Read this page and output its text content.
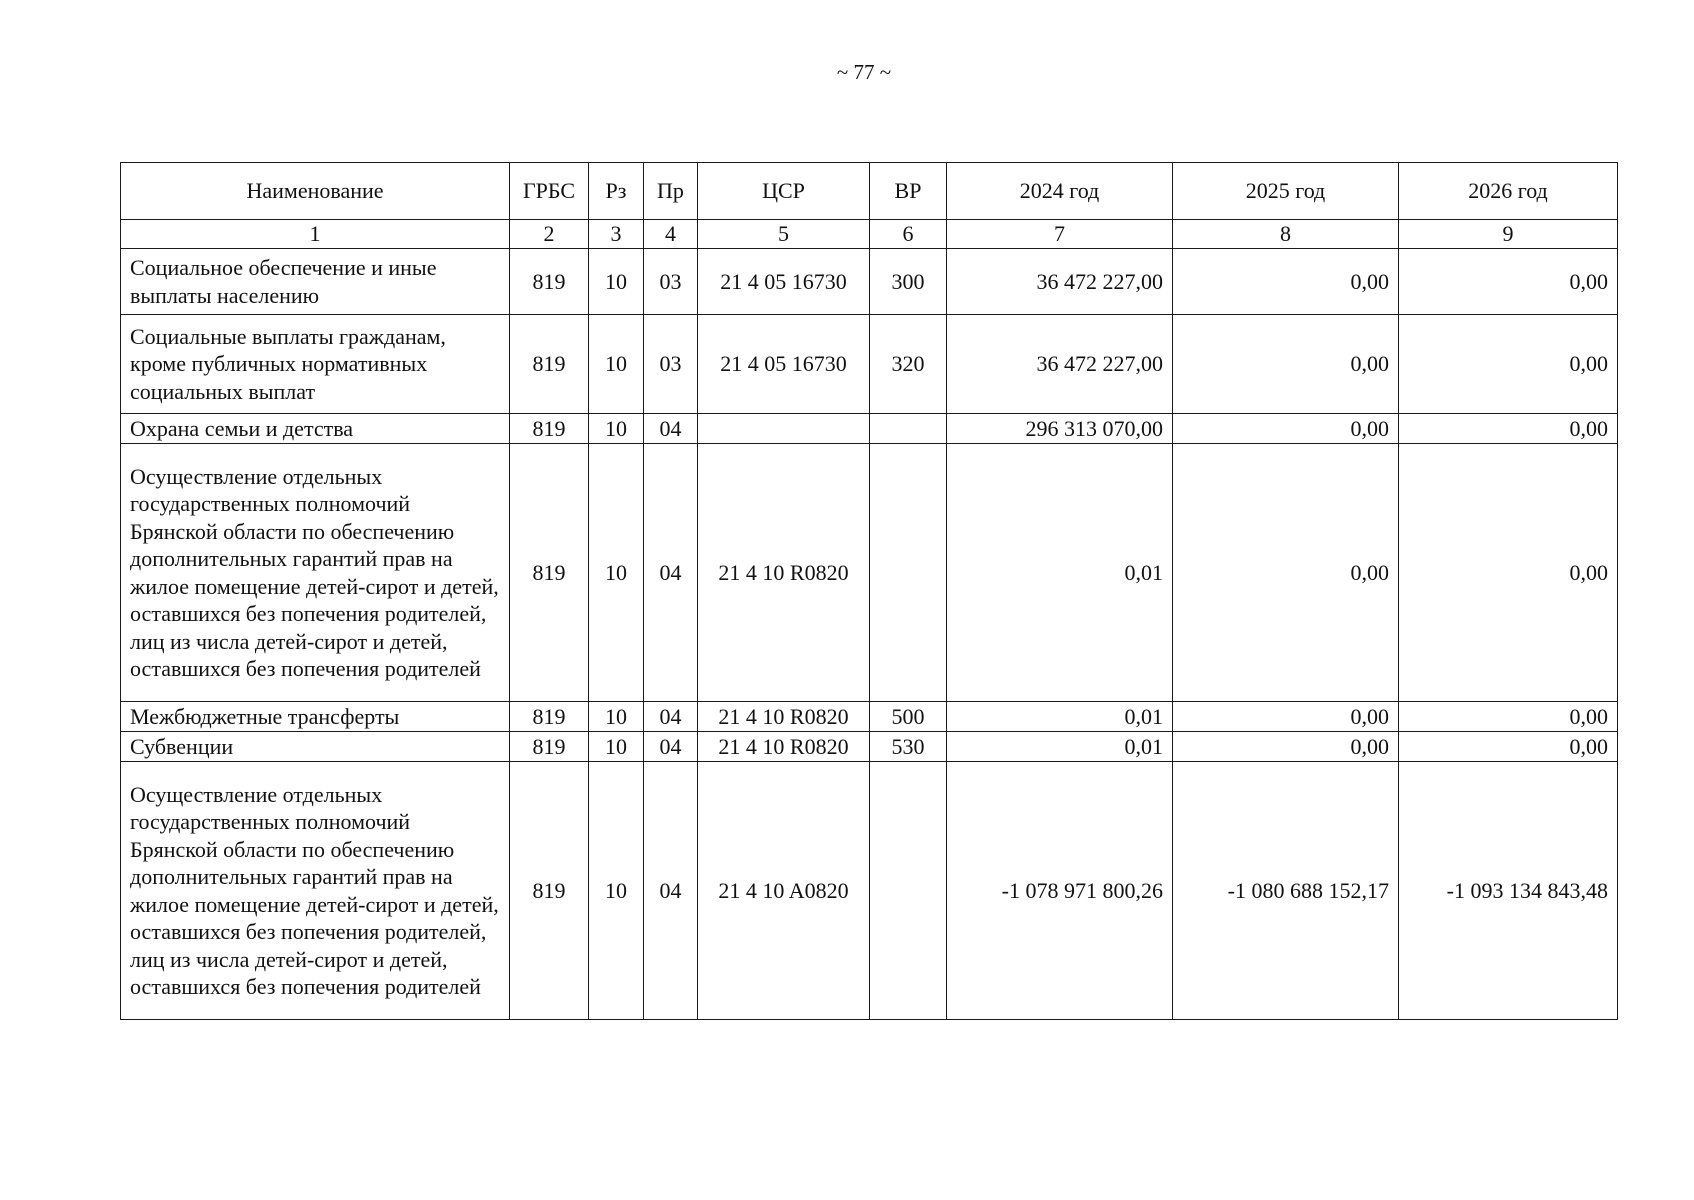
~ 77 ~
Наименование	ГРБС	Рз	Пр	ЦСР	ВР	2024 год	2025 год	2026 год
1	2	3	4	5	6	7	8	9
Социальное обеспечение и иные выплаты населению	819	10	03	21 4 05 16730	300	36 472 227,00	0,00	0,00
Социальные выплаты гражданам, кроме публичных нормативных социальных выплат	819	10	03	21 4 05 16730	320	36 472 227,00	0,00	0,00
Охрана семьи и детства	819	10	04			296 313 070,00	0,00	0,00
Осуществление отдельных государственных полномочий Брянской области по обеспечению дополнительных гарантий прав на жилое помещение детей-сирот и детей, оставшихся без попечения родителей, лиц из числа детей-сирот и детей, оставшихся без попечения родителей	819	10	04	21 4 10 R0820		0,01	0,00	0,00
Межбюджетные трансферты	819	10	04	21 4 10 R0820	500	0,01	0,00	0,00
Субвенции	819	10	04	21 4 10 R0820	530	0,01	0,00	0,00
Осуществление отдельных государственных полномочий Брянской области по обеспечению дополнительных гарантий прав на жилое помещение детей-сирот и детей, оставшихся без попечения родителей, лиц из числа детей-сирот и детей, оставшихся без попечения родителей	819	10	04	21 4 10 A0820		-1 078 971 800,26	-1 080 688 152,17	-1 093 134 843,48
